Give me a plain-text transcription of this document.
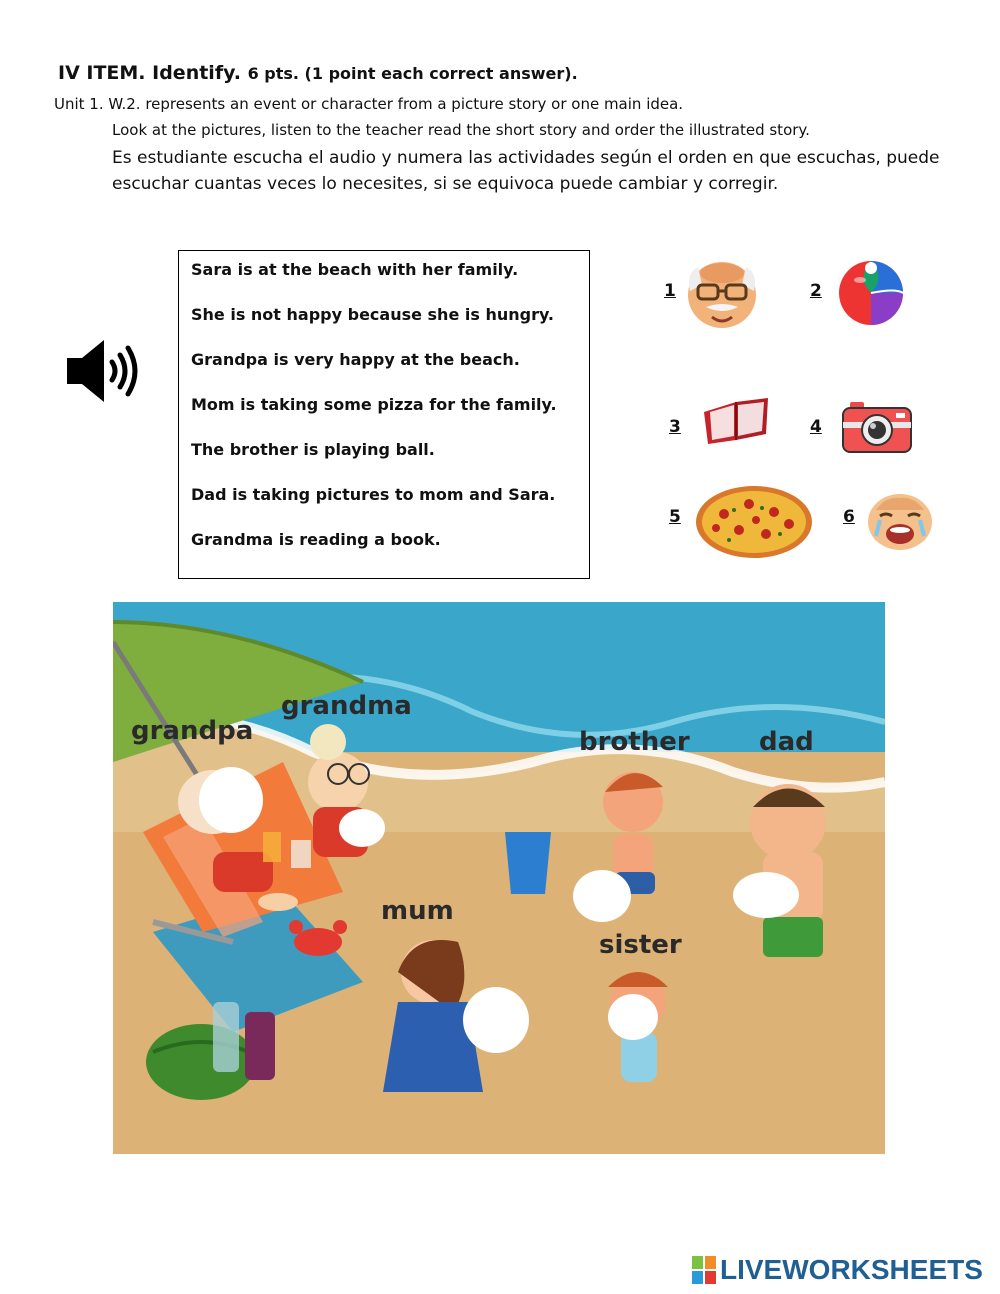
IV ITEM. Identify. 6 pts. (1 point each correct answer).
Unit 1. W.2. represents an event or character from a picture story or one main idea.
Look at the pictures, listen to the teacher read the short story and order the illustrated story.
Es estudiante escucha el audio y numera las actividades según el orden en que escuchas, puede escuchar cuantas veces lo necesites, si se equivoca puede cambiar y corregir.
Sara is at the beach with her family.
She is not happy because she is hungry.
Grandpa is very happy at the beach.
Mom is taking some pizza for the family.
The brother is playing ball.
Dad is taking pictures to mom and Sara.
Grandma is reading a book.
1	2
3	4
5	6
grandpa
grandma
brother	dad
mum
sister
LIVEWORKSHEETS
